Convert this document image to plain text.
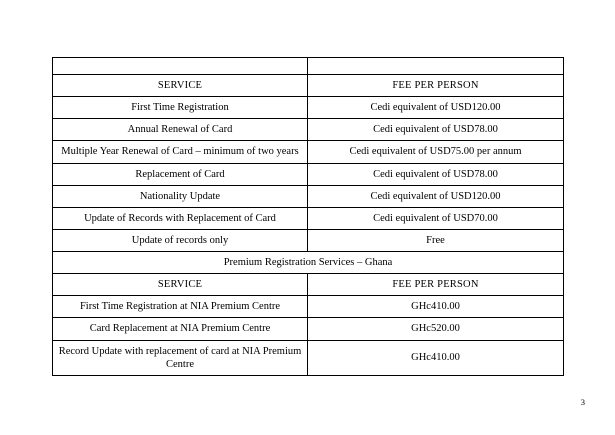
SERVICE	FEE PER PERSON
First Time Registration	Cedi equivalent of USD120.00
Annual Renewal of Card	Cedi equivalent of USD78.00
Multiple Year Renewal of Card – minimum of two years	Cedi equivalent of USD75.00 per annum
Replacement of Card	Cedi equivalent of USD78.00
Nationality Update	Cedi equivalent of USD120.00
Update of Records with Replacement of Card	Cedi equivalent of USD70.00
Update of records only	Free
Premium Registration Services – Ghana	
SERVICE	FEE PER PERSON
First Time Registration at NIA Premium Centre	GHc410.00
Card Replacement at NIA Premium Centre	GHc520.00
Record Update with replacement of card at NIA Premium Centre	GHc410.00
3
